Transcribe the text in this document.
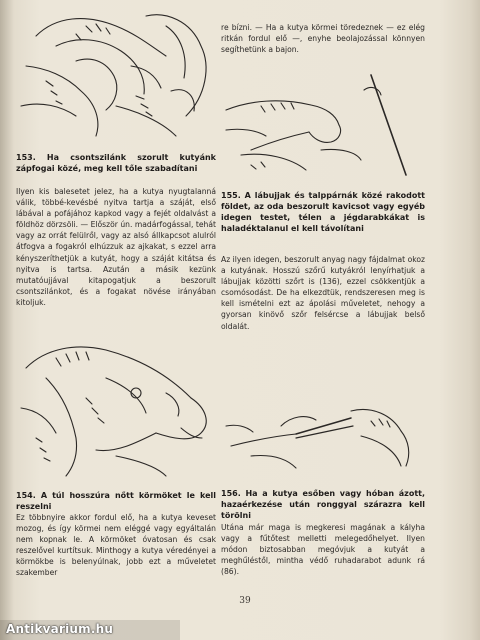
153. Ha csontszilánk szorult kutyánk zápfogai közé, meg kell tőle szabadítani
Ilyen kis balesetet jelez, ha a kutya nyugtalanná válik, többé-kevésbé nyitva tartja a száját, első lábával a pofájához kapkod vagy a fejét oldalvást a földhöz dörzsöli. — Először ún. madárfogással, tehát vagy az orrát felülről, vagy az alsó állkapcsot alulról átfogva a fogakról elhúzzuk az ajkakat, s ezzel arra kényszeríthetjük a kutyát, hogy a száját kitátsa és nyitva is tartsa. Azután a másik kezünk mutatóujjával kitapogatjuk a beszorult csontszilánkot, és a fogakat növése irányában kitoljuk.
154. A túl hosszúra nőtt körmöket le kell reszelni
Ez többnyire akkor fordul elő, ha a kutya keveset mozog, és így körmei nem eléggé vagy egyáltalán nem kopnak le. A körmöket óvatosan és csak reszelővel kurtítsuk. Minthogy a kutya véredényei a körmökbe is belenyúlnak, jobb ezt a műveletet szakember
re bízni. — Ha a kutya körmei töredeznek — ez elég ritkán fordul elő —, enyhe beolajozással könnyen segíthetünk a bajon.
155. A lábujjak és talppárnák közé rakodott földet, az oda beszorult kavicsot vagy egyéb idegen testet, télen a jégdarabkákat is haladéktalanul el kell távolítani
Az ilyen idegen, beszorult anyag nagy fájdalmat okoz a kutyának. Hosszú szőrű kutyákról lenyírhatjuk a lábujjak közötti szőrt is (136), ezzel csökkentjük a csomósodást. De ha elkezdtük, rendszeresen meg is kell ismételni ezt az ápolási műveletet, nehogy a gyorsan kinövő szőr felsércse a lábujjak belső oldalát.
156. Ha a kutya esőben vagy hóban ázott, hazaérkezése után ronggyal szárazra kell törölni
Utána már maga is megkeresi magának a kályha vagy a fűtőtest melletti melegedőhelyet. Ilyen módon biztosabban megóvjuk a kutyát a meghűléstől, mintha védő ruhadarabot adunk rá (86).
39
Antikvarium.hu
